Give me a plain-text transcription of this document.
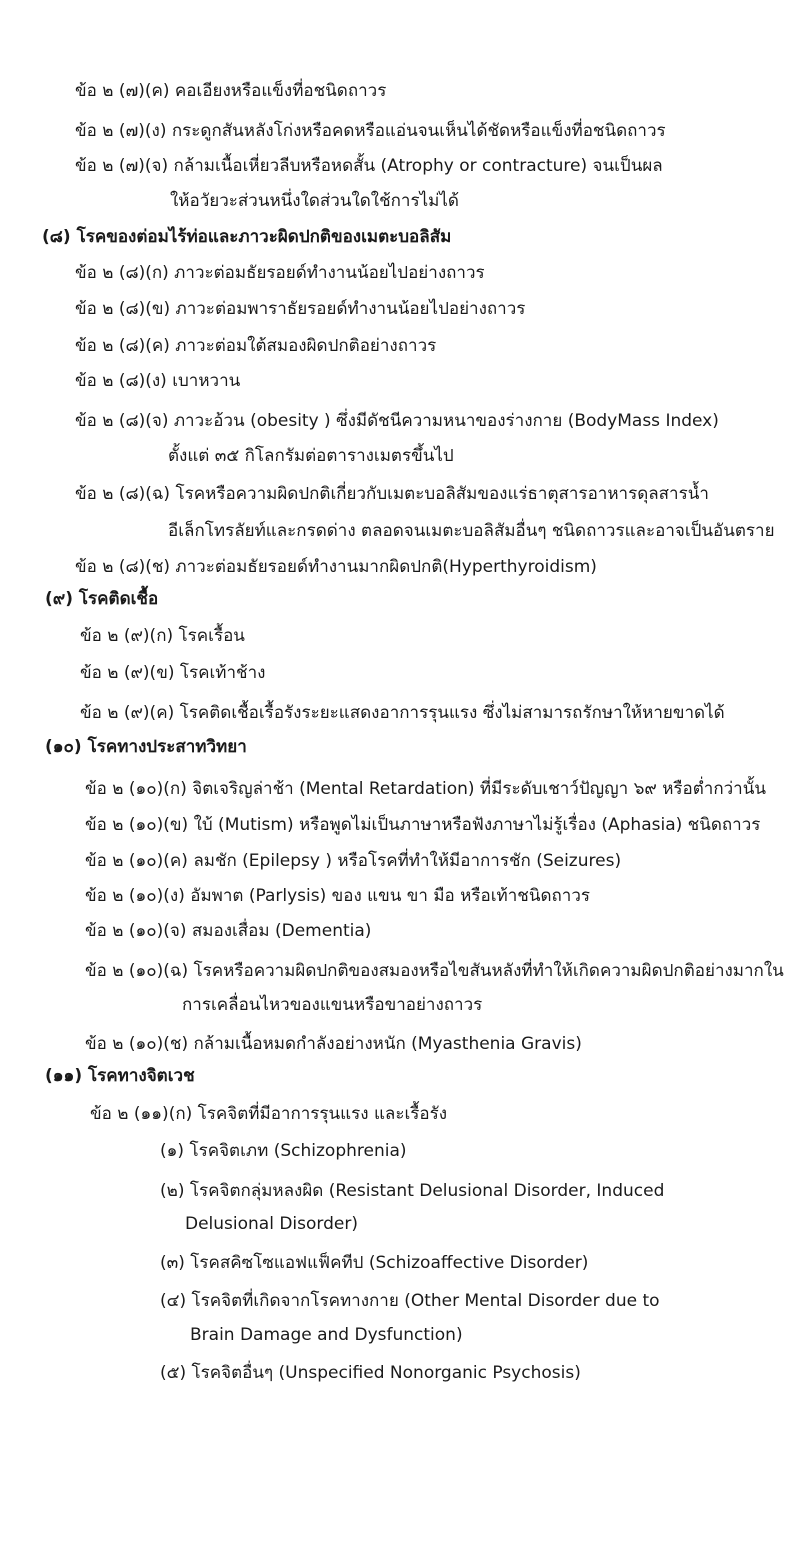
ข้อ ๒ (๗)(ค) คอเอียงหรือแข็งที่อชนิดถาวร
ข้อ ๒ (๗)(ง) กระดูกสันหลังโก่งหรือคดหรือแอ่นจนเห็นได้ชัดหรือแข็งที่อชนิดถาวร
ข้อ ๒ (๗)(จ) กล้ามเนื้อเหี่ยวลีบหรือหดสั้น (Atrophy or contracture) จนเป็นผล
ให้อวัยวะส่วนหนึ่งใดส่วนใดใช้การไม่ได้
(๘) โรคของต่อมไร้ท่อและภาวะผิดปกติของเมตะบอลิสัม
ข้อ ๒ (๘)(ก) ภาวะต่อมธัยรอยด์ทำงานน้อยไปอย่างถาวร
ข้อ ๒ (๘)(ข) ภาวะต่อมพาราธัยรอยด์ทำงานน้อยไปอย่างถาวร
ข้อ ๒ (๘)(ค) ภาวะต่อมใต้สมองผิดปกติอย่างถาวร
ข้อ ๒ (๘)(ง) เบาหวาน
ข้อ ๒ (๘)(จ) ภาวะอ้วน (obesity ) ซึ่งมีดัชนีความหนาของร่างกาย (BodyMass Index)
ตั้งแต่ ๓๕ กิโลกรัมต่อตารางเมตรขึ้นไป
ข้อ ๒ (๘)(ฉ) โรคหรือความผิดปกติเกี่ยวกับเมตะบอลิสัมของแร่ธาตุสารอาหารดุลสารน้ำ
อีเล็กโทรลัยท์และกรดด่าง ตลอดจนเมตะบอลิสัมอื่นๆ ชนิดถาวรและอาจเป็นอันตราย
ข้อ ๒ (๘)(ช) ภาวะต่อมธัยรอยด์ทำงานมากผิดปกติ(Hyperthyroidism)
(๙) โรคติดเชื้อ
ข้อ ๒ (๙)(ก) โรคเรื้อน
ข้อ ๒ (๙)(ข) โรคเท้าช้าง
ข้อ ๒ (๙)(ค) โรคติดเชื้อเรื้อรังระยะแสดงอาการรุนแรง ซึ่งไม่สามารถรักษาให้หายขาดได้
(๑๐) โรคทางประสาทวิทยา
ข้อ ๒ (๑๐)(ก) จิตเจริญล่าช้า (Mental Retardation) ที่มีระดับเชาว์ปัญญา ๖๙ หรือต่ำกว่านั้น
ข้อ ๒ (๑๐)(ข) ใบ้ (Mutism) หรือพูดไม่เป็นภาษาหรือฟังภาษาไม่รู้เรื่อง (Aphasia) ชนิดถาวร
ข้อ ๒ (๑๐)(ค) ลมชัก (Epilepsy ) หรือโรคที่ทำให้มีอาการชัก (Seizures)
ข้อ ๒ (๑๐)(ง) อัมพาต (Parlysis) ของ แขน ขา มือ หรือเท้าชนิดถาวร
ข้อ ๒ (๑๐)(จ) สมองเสื่อม (Dementia)
ข้อ ๒ (๑๐)(ฉ) โรคหรือความผิดปกติของสมองหรือไขสันหลังที่ทำให้เกิดความผิดปกติอย่างมากใน
การเคลื่อนไหวของแขนหรือขาอย่างถาวร
ข้อ ๒ (๑๐)(ช) กล้ามเนื้อหมดกำลังอย่างหนัก (Myasthenia Gravis)
(๑๑) โรคทางจิตเวช
ข้อ ๒ (๑๑)(ก) โรคจิตที่มีอาการรุนแรง และเรื้อรัง
(๑) โรคจิตเภท (Schizophrenia)
(๒) โรคจิตกลุ่มหลงผิด (Resistant Delusional Disorder, Induced
Delusional Disorder)
(๓) โรคสคิซโซแอฟแฟ็คทีป (Schizoaffective Disorder)
(๔) โรคจิตที่เกิดจากโรคทางกาย (Other Mental Disorder due to
Brain Damage and Dysfunction)
(๕) โรคจิตอื่นๆ (Unspecified Nonorganic Psychosis)
